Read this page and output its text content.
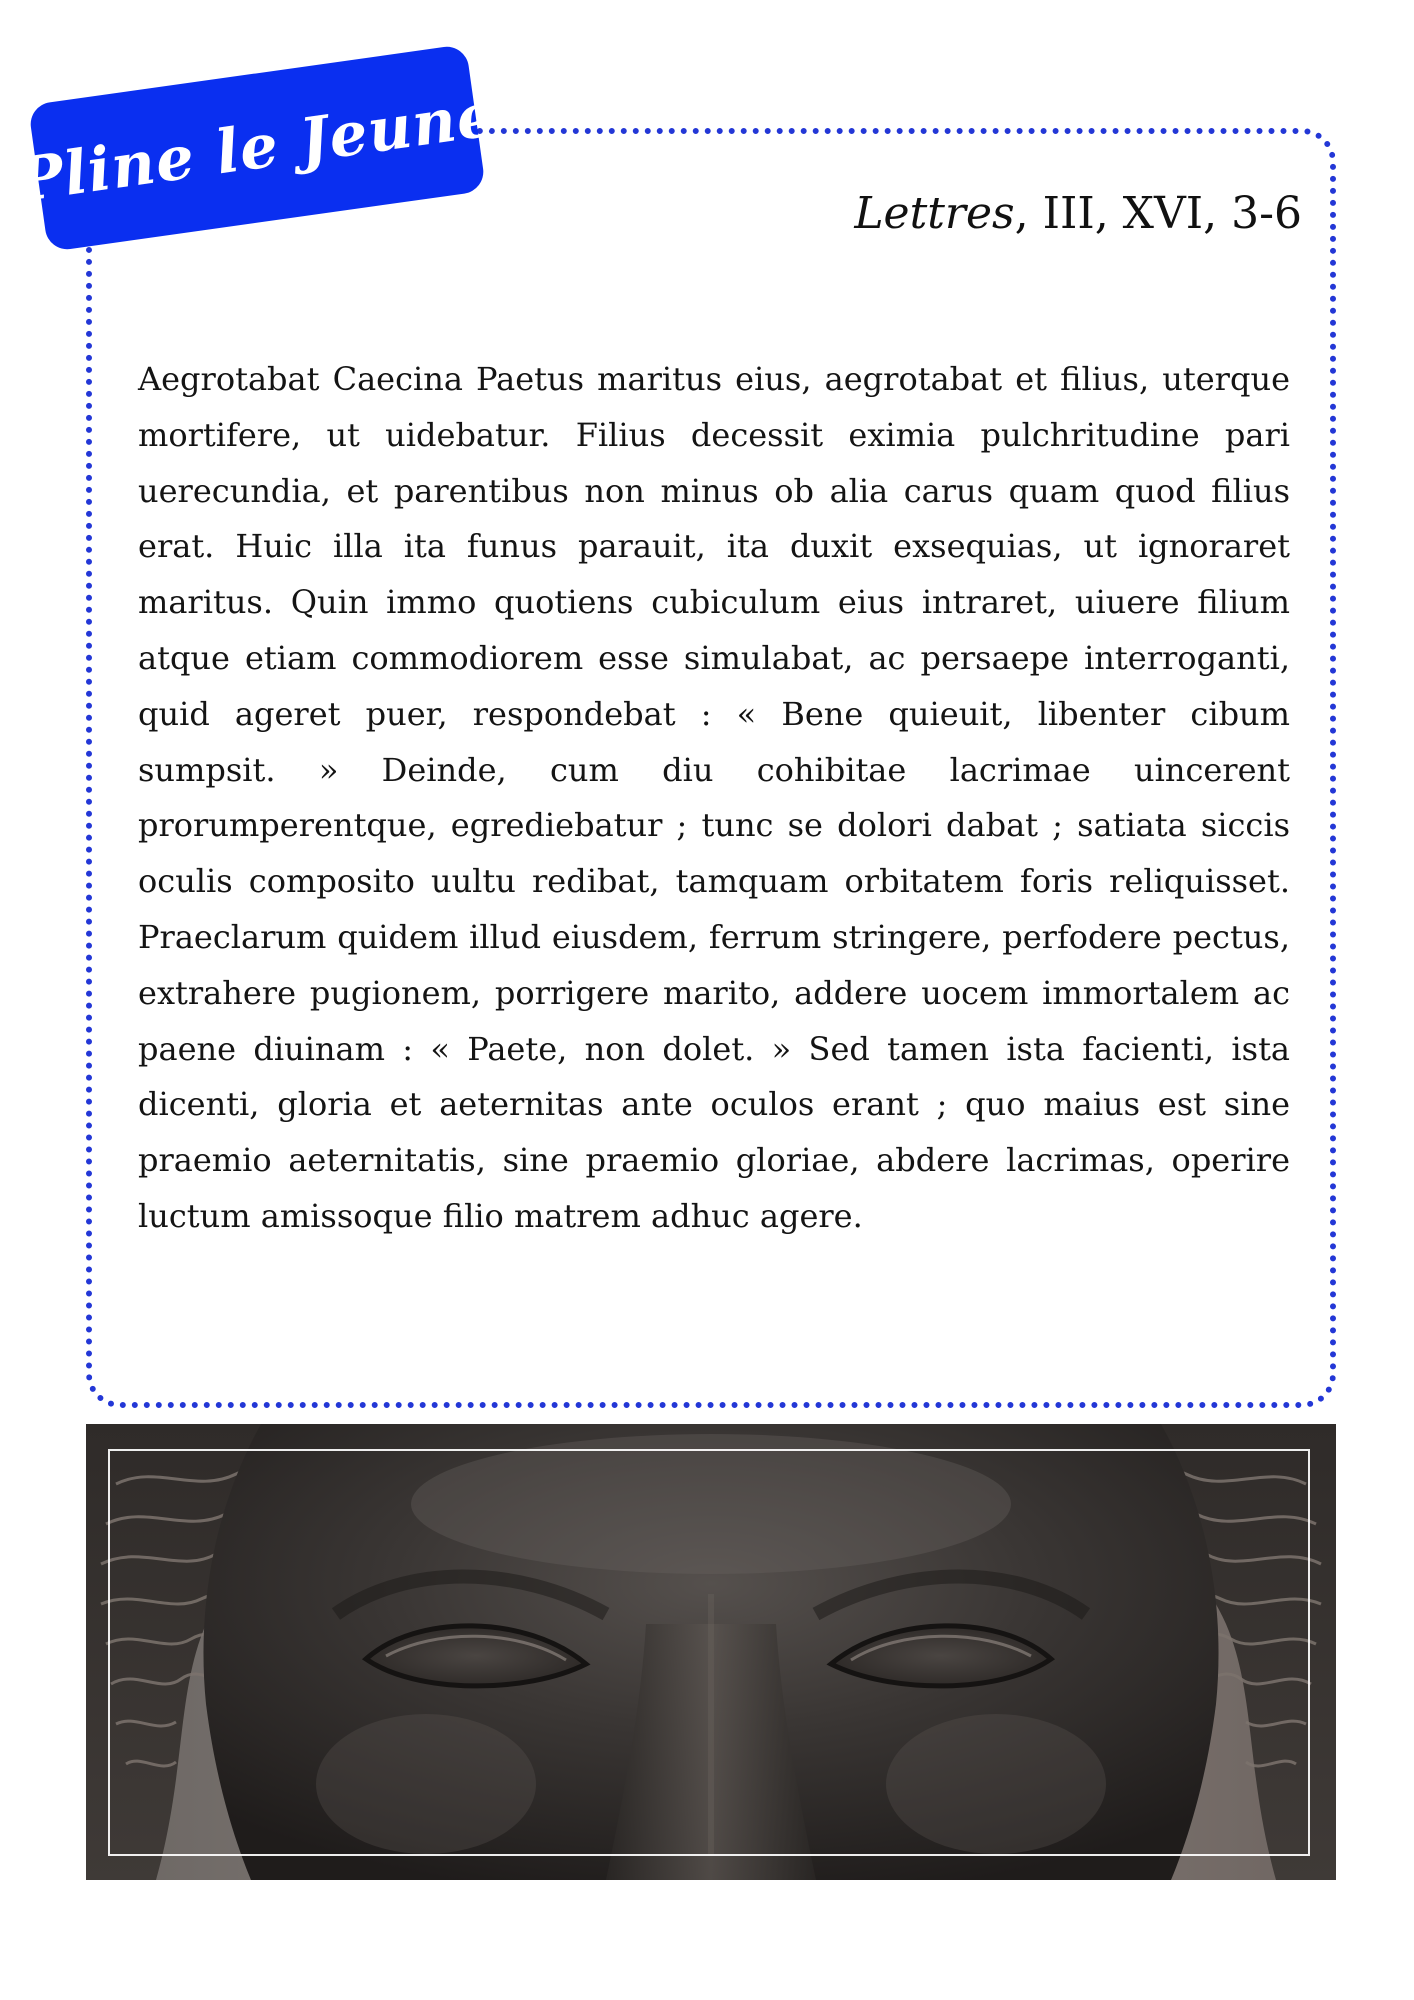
Pline le Jeune	Lettres, III, XVI, 3-6

Aegrotabat Caecina Paetus maritus eius, aegrotabat et filius, uterque mortifere, ut uidebatur. Filius decessit eximia pulchritudine pari uerecundia, et parentibus non minus ob alia carus quam quod filius erat. Huic illa ita funus parauit, ita duxit exsequias, ut ignoraret maritus. Quin immo quotiens cubiculum eius intraret, uiuere filium atque etiam commodiorem esse simulabat, ac persaepe interroganti, quid ageret puer, respondebat : « Bene quieuit, libenter cibum sumpsit. » Deinde, cum diu cohibitae lacrimae uincerent prorumperentque, egrediebatur ; tunc se dolori dabat ; satiata siccis oculis composito uultu redibat, tamquam orbitatem foris reliquisset. Praeclarum quidem illud eiusdem, ferrum stringere, perfodere pectus, extrahere pugionem, porrigere marito, addere uocem immortalem ac paene diuinam : « Paete, non dolet. » Sed tamen ista facienti, ista dicenti, gloria et aeternitas ante oculos erant ; quo maius est sine praemio aeternitatis, sine praemio gloriae, abdere lacrimas, operire luctum amissoque filio matrem adhuc agere.
